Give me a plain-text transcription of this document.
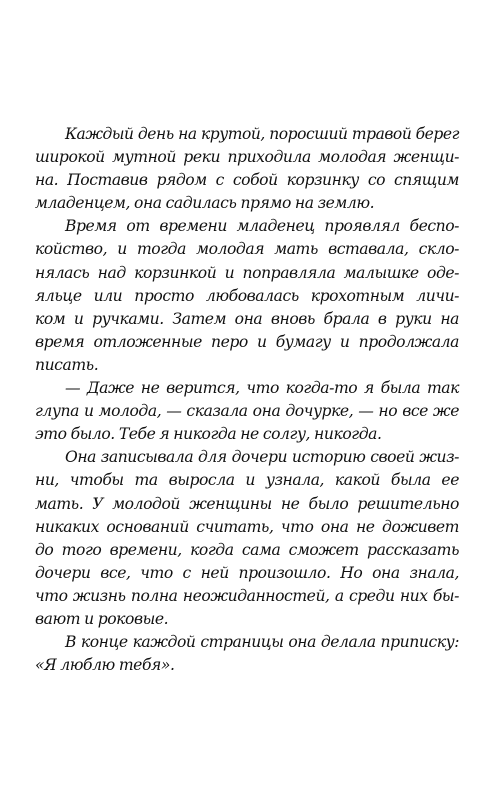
Каждый день на крутой, поросший травой берег
широкой мутной реки приходила молодая женщи-
на. Поставив рядом с собой корзинку со спящим
младенцем, она садилась прямо на землю.
Время от времени младенец проявлял беспо-
койство, и тогда молодая мать вставала, скло-
нялась над корзинкой и поправляла малышке оде-
яльце или просто любовалась крохотным личи-
ком и ручками. Затем она вновь брала в руки на
время отложенные перо и бумагу и продолжала
писать.
— Даже не верится, что когда-то я была так
глупа и молода, — сказала она дочурке, — но все же
это было. Тебе я никогда не солгу, никогда.
Она записывала для дочери историю своей жиз-
ни, чтобы та выросла и узнала, какой была ее
мать. У молодой женщины не было решительно
никаких оснований считать, что она не доживет
до того времени, когда сама сможет рассказать
дочери все, что с ней произошло. Но она знала,
что жизнь полна неожиданностей, а среди них бы-
вают и роковые.
В конце каждой страницы она делала приписку:
«Я люблю тебя».
